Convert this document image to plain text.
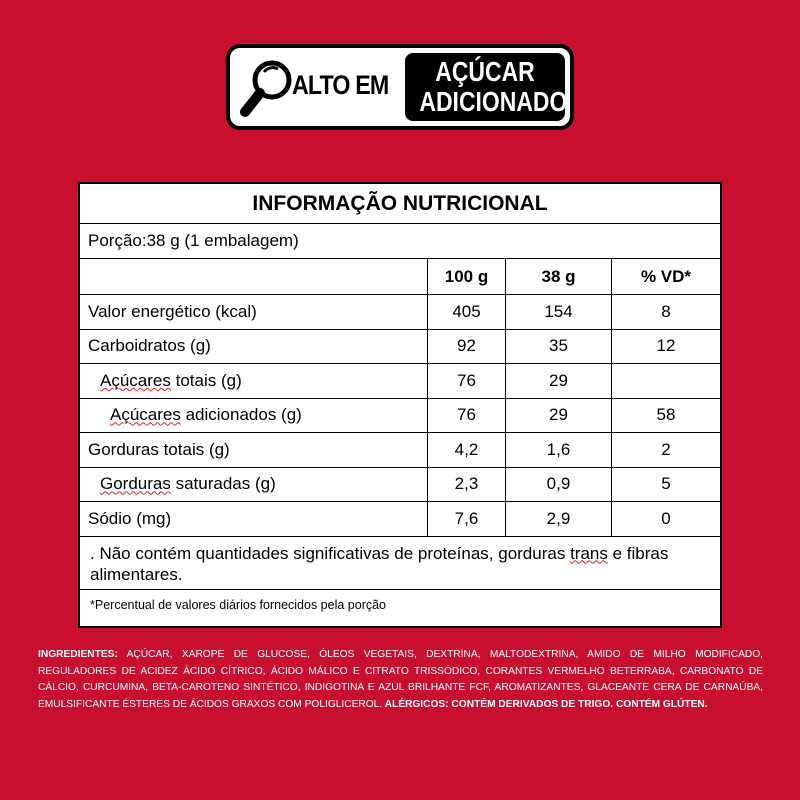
ALTO EM	AÇÚCAR
ADICIONADO
INFORMAÇÃO NUTRICIONAL
Porção:38 g (1 embalagem)
100 g	38 g	% VD*
Valor energético (kcal)	405	154	8
Carboidratos (g)	92	35	12
Açúcares totais (g)	76	29
Açúcares adicionados (g)	76	29	58
Gorduras totais (g)	4,2	1,6	2
Gorduras saturadas (g)	2,3	0,9	5
Sódio (mg)	7,6	2,9	0
. Não contém quantidades significativas de proteínas, gorduras trans e fibras alimentares.
*Percentual de valores diários fornecidos pela porção
INGREDIENTES: AÇÚCAR, XAROPE DE GLUCOSE, ÓLEOS VEGETAIS, DEXTRINA, MALTODEXTRINA, AMIDO DE MILHO MODIFICADO, REGULADORES DE ACIDEZ ÁCIDO CÍTRICO, ÁCIDO MÁLICO E CITRATO TRISSÓDICO, CORANTES VERMELHO BETERRABA, CARBONATO DE CÁLCIO, CURCUMINA, BETA-CAROTENO SINTÉTICO, INDIGOTINA E AZUL BRILHANTE FCF, AROMATIZANTES, GLACEANTE CERA DE CARNAÚBA, EMULSIFICANTE ÉSTERES DE ÁCIDOS GRAXOS COM POLIGLICEROL. ALÉRGICOS: CONTÉM DERIVADOS DE TRIGO. CONTÉM GLÚTEN.
